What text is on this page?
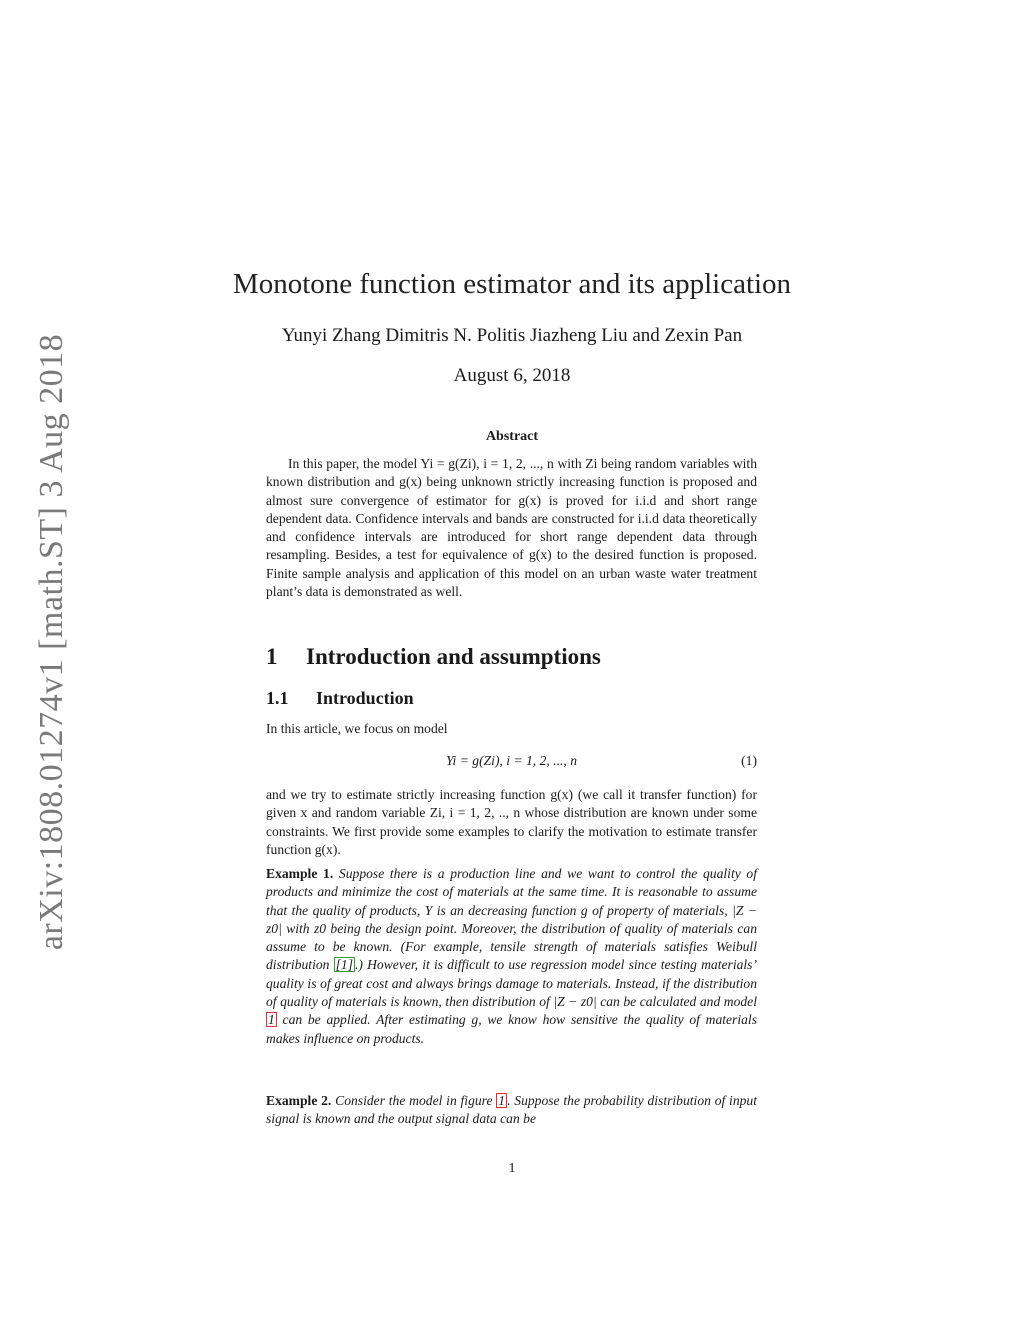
arXiv:1808.01274v1 [math.ST] 3 Aug 2018
Monotone function estimator and its application
Yunyi Zhang Dimitris N. Politis Jiazheng Liu and Zexin Pan
August 6, 2018
Abstract

In this paper, the model Yi = g(Zi), i = 1, 2, ..., n with Zi being random variables with known distribution and g(x) being unknown strictly increasing function is proposed and almost sure convergence of estimator for g(x) is proved for i.i.d and short range dependent data. Confidence intervals and bands are constructed for i.i.d data theoretically and confidence intervals are introduced for short range dependent data through resampling. Besides, a test for equivalence of g(x) to the desired function is proposed. Finite sample analysis and application of this model on an urban waste water treatment plant’s data is demonstrated as well.

1 Introduction and assumptions
1.1 Introduction

In this article, we focus on model

Yi = g(Zi), i = 1, 2, ..., n	(1)

and we try to estimate strictly increasing function g(x) (we call it transfer function) for given x and random variable Zi, i = 1, 2, .., n whose distribution are known under some constraints. We first provide some examples to clarify the motivation to estimate transfer function g(x).

Example 1. Suppose there is a production line and we want to control the quality of products and minimize the cost of materials at the same time. It is reasonable to assume that the quality of products, Y is an decreasing function g of property of materials, |Z − z0| with z0 being the design point. Moreover, the distribution of quality of materials can assume to be known. (For example, tensile strength of materials satisfies Weibull distribution [1] .) However, it is difficult to use regression model since testing materials’ quality is of great cost and always brings damage to materials. Instead, if the distribution of quality of materials is known, then distribution of |Z − z0| can be calculated and model 1 can be applied. After estimating g, we know how sensitive the quality of materials makes influence on products.

Example 2. Consider the model in figure 1 . Suppose the probability distribution of input signal is known and the output signal data can be

1
